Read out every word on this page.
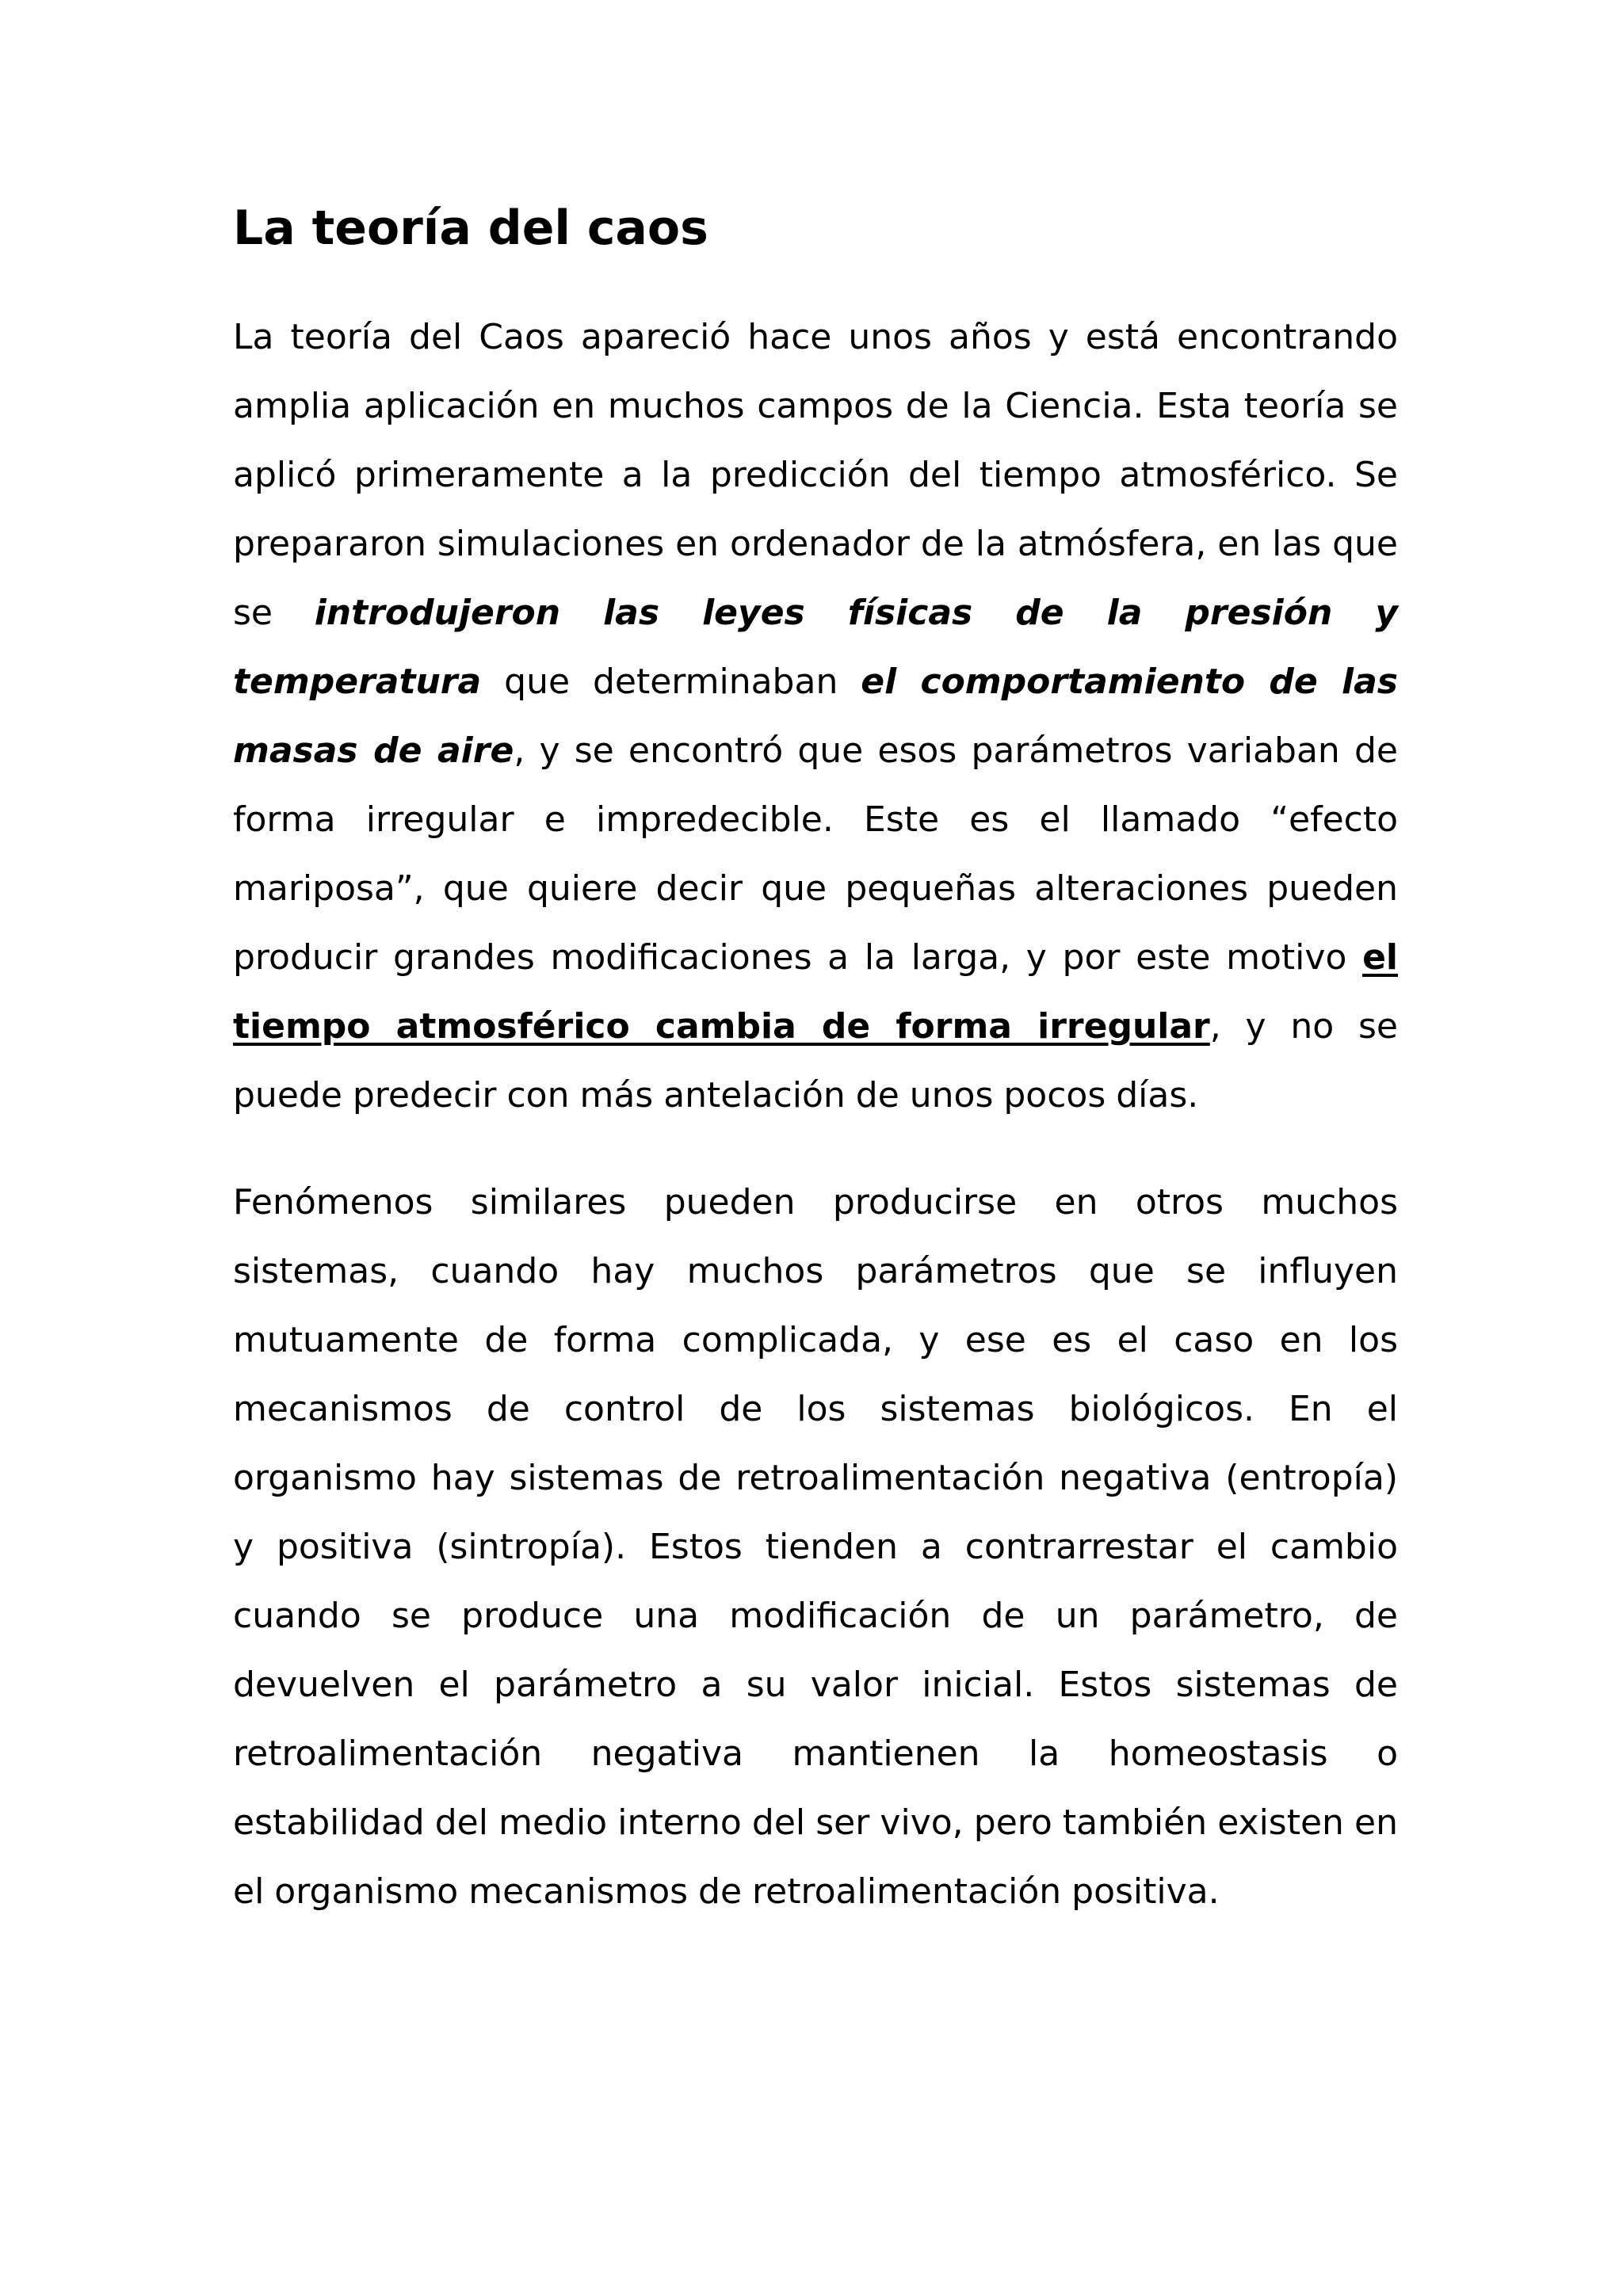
La teoría del caos

La teoría del Caos apareció hace unos años y está encontrando amplia aplicación en muchos campos de la Ciencia. Esta teoría se aplicó primeramente a la predicción del tiempo atmosférico. Se prepararon simulaciones en ordenador de la atmósfera, en las que se introdujeron las leyes físicas de la presión y temperatura que determinaban el comportamiento de las masas de aire, y se encontró que esos parámetros variaban de forma irregular e impredecible. Este es el llamado “efecto mariposa”, que quiere decir que pequeñas alteraciones pueden producir grandes modificaciones a la larga, y por este motivo el tiempo atmosférico cambia de forma irregular, y no se puede predecir con más antelación de unos pocos días.

Fenómenos similares pueden producirse en otros muchos sistemas, cuando hay muchos parámetros que se influyen mutuamente de forma complicada, y ese es el caso en los mecanismos de control de los sistemas biológicos. En el organismo hay sistemas de retroalimentación negativa (entropía) y positiva (sintropía). Estos tienden a contrarrestar el cambio cuando se produce una modificación de un parámetro, de devuelven el parámetro a su valor inicial. Estos sistemas de retroalimentación negativa mantienen la homeostasis o estabilidad del medio interno del ser vivo, pero también existen en el organismo mecanismos de retroalimentación positiva.
